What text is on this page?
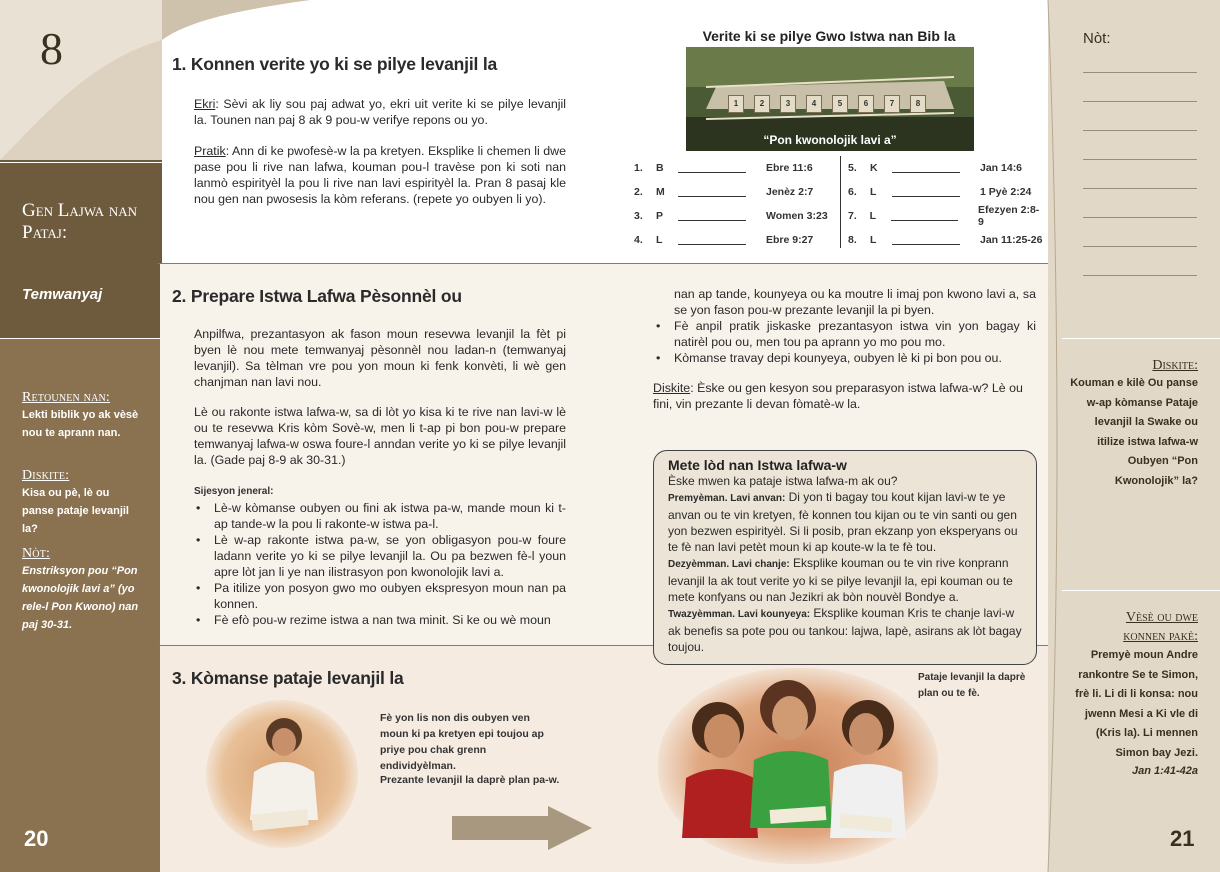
8
Gen Lajwa nan Pataj:
Temwanyaj
Retounen nan:
Lekti biblik yo ak vèsè nou te aprann nan.
Diskite:
Kisa ou pè, lè ou panse pataje levanjil la?
Nòt:
Enstriksyon pou “Pon kwonolojik lavi a” (yo rele-l Pon Kwono) nan paj 30-31.
20
Nòt:
Diskite:
Kouman e kilè Ou panse w-ap kòmanse Pataje levanjil la Swake ou itilize istwa lafwa-w Oubyen “Pon Kwonolojik” la?
Vèsè ou dwe
konnen pakè:
Premyè moun Andre rankontre Se te Simon, frè li. Li di li konsa: nou jwenn Mesi a Ki vle di (Kris la). Li mennen Simon bay Jezi.
Jan 1:41-42a
21
1. Konnen verite yo ki se pilye levanjil la
Ekri: Sèvi ak liy sou paj adwat yo, ekri uit verite ki se pilye levanjil la. Tounen nan paj 8 ak 9 pou-w verifye repons ou yo.
Pratik: Ann di ke pwofesè-w la pa kretyen. Eksplike li chemen li dwe pase pou li rive nan lafwa, kouman pou-l travèse pon ki soti nan lanmò espirityèl la pou li rive nan lavi espirityèl la. Pran 8 pasaj kle nou gen nan pwosesis la kòm referans. (repete yo oubyen li yo).
Verite ki se pilye Gwo Istwa nan Bib la
1	2	3	4	5	6	7	8
“Pon kwonolojik lavi a”
1.	B	Ebre 11:6
2.	M	Jenèz 2:7
3.	P	Women 3:23
4.	L	Ebre 9:27
5.	K	Jan 14:6
6.	L	1 Pyè 2:24
7.	L	Efezyen 2:8-9
8.	L	Jan 11:25-26
2. Prepare Istwa Lafwa Pèsonnèl ou
Anpilfwa, prezantasyon ak fason moun resevwa levanjil la fèt pi byen lè nou mete temwanyaj pèsonnèl nou ladan-n (temwanyaj levanjil). Sa tèlman vre pou yon moun ki fenk konvèti, li wè gen chanjman nan lavi nou.
Lè ou rakonte istwa lafwa-w, sa di lòt yo kisa ki te rive nan lavi-w lè ou te resevwa Kris kòm Sovè-w, men li t-ap pi bon pou-w prepare temwanyaj lafwa-w oswa foure-l anndan verite yo ki se pilye levanjil la. (Gade paj 8-9 ak 30-31.)
Sijesyon jeneral:
• Lè-w kòmanse oubyen ou fini ak istwa pa-w, mande moun ki t-ap tande-w la pou li rakonte-w istwa pa-l.
• Lè w-ap rakonte istwa pa-w, se yon obligasyon pou-w foure ladann verite yo ki se pilye levanjil la. Ou pa bezwen fè-l youn apre lòt jan li ye nan ilistrasyon pon kwonolojik lavi a.
• Pa itilize yon posyon gwo mo oubyen ekspresyon moun nan pa konnen.
• Fè efò pou-w rezime istwa a nan twa minit. Si ke ou wè moun
nan ap tande, kounyeya ou ka moutre li imaj pon kwono lavi a, sa se yon fason pou-w prezante levanjil la pi byen.
• Fè anpil pratik jiskaske prezantasyon istwa vin yon bagay ki natirèl pou ou, men tou pa aprann yo mo pou mo.
• Kòmanse travay depi kounyeya, oubyen lè ki pi bon pou ou.
Diskite: Èske ou gen kesyon sou preparasyon istwa lafwa-w? Lè ou fini, vin prezante li devan fòmatè-w la.
Mete lòd nan Istwa lafwa-w
Èske mwen ka pataje istwa lafwa-m ak ou?
Premyèman. Lavi anvan: Di yon ti bagay tou kout kijan lavi-w te ye anvan ou te vin kretyen, fè konnen tou kijan ou te vin santi ou gen yon bezwen espirityèl. Si li posib, pran ekzanp yon eksperyans ou te fè nan lavi petèt moun ki ap koute-w la te fè tou.
Dezyèmman. Lavi chanje: Eksplike kouman ou te vin rive konprann levanjil la ak tout verite yo ki se pilye levanjil la, epi kouman ou te mete konfyans ou nan Jezikri ak bòn nouvèl Bondye a.
Twazyèmman. Lavi kounyeya: Eksplike kouman Kris te chanje lavi-w ak benefis sa pote pou ou tankou: lajwa, lapè, asirans ak lòt bagay toujou.
3. Kòmanse pataje levanjil la
Fè yon lis non dis oubyen ven moun ki pa kretyen epi toujou ap priye pou chak grenn endividyèlman.
Prezante levanjil la daprè plan pa-w.
Pataje levanjil la daprè plan ou te fè.
